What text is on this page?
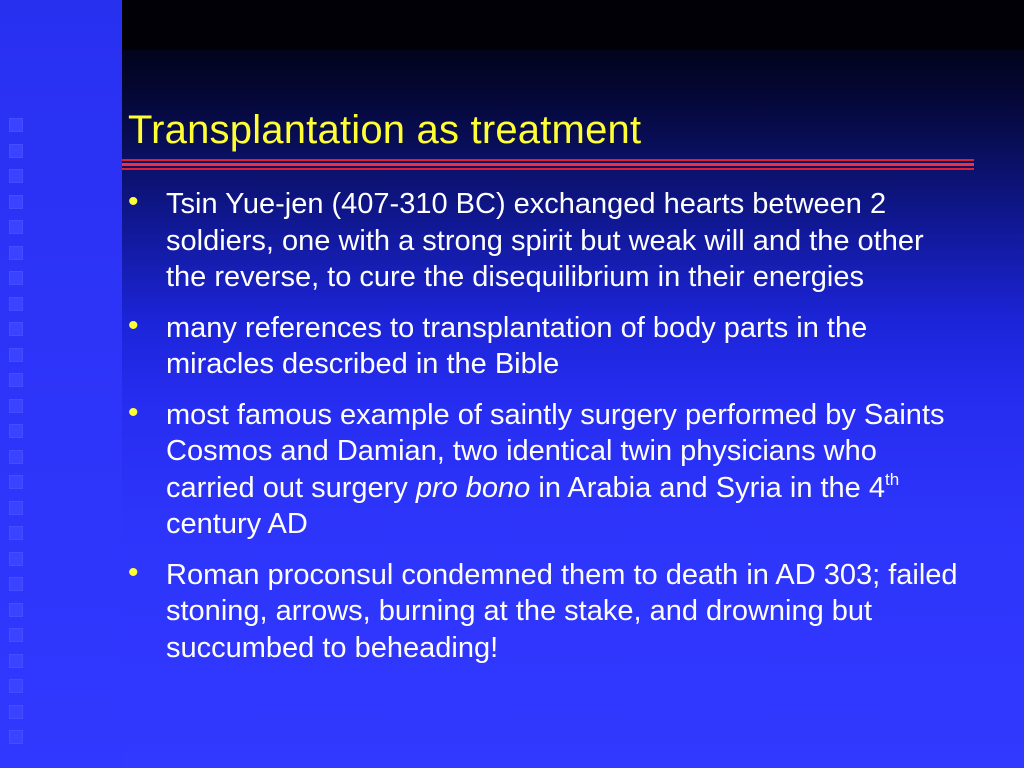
Transplantation as treatment
• Tsin Yue-jen (407-310 BC) exchanged hearts between 2 soldiers, one with a strong spirit but weak will and the other the reverse, to cure the disequilibrium in their energies
• many references to transplantation of body parts in the miracles described in the Bible
• most famous example of saintly surgery performed by Saints Cosmos and Damian, two identical twin physicians who carried out surgery pro bono in Arabia and Syria in the 4th century AD
• Roman proconsul condemned them to death in AD 303; failed stoning, arrows, burning at the stake, and drowning but succumbed to beheading!
